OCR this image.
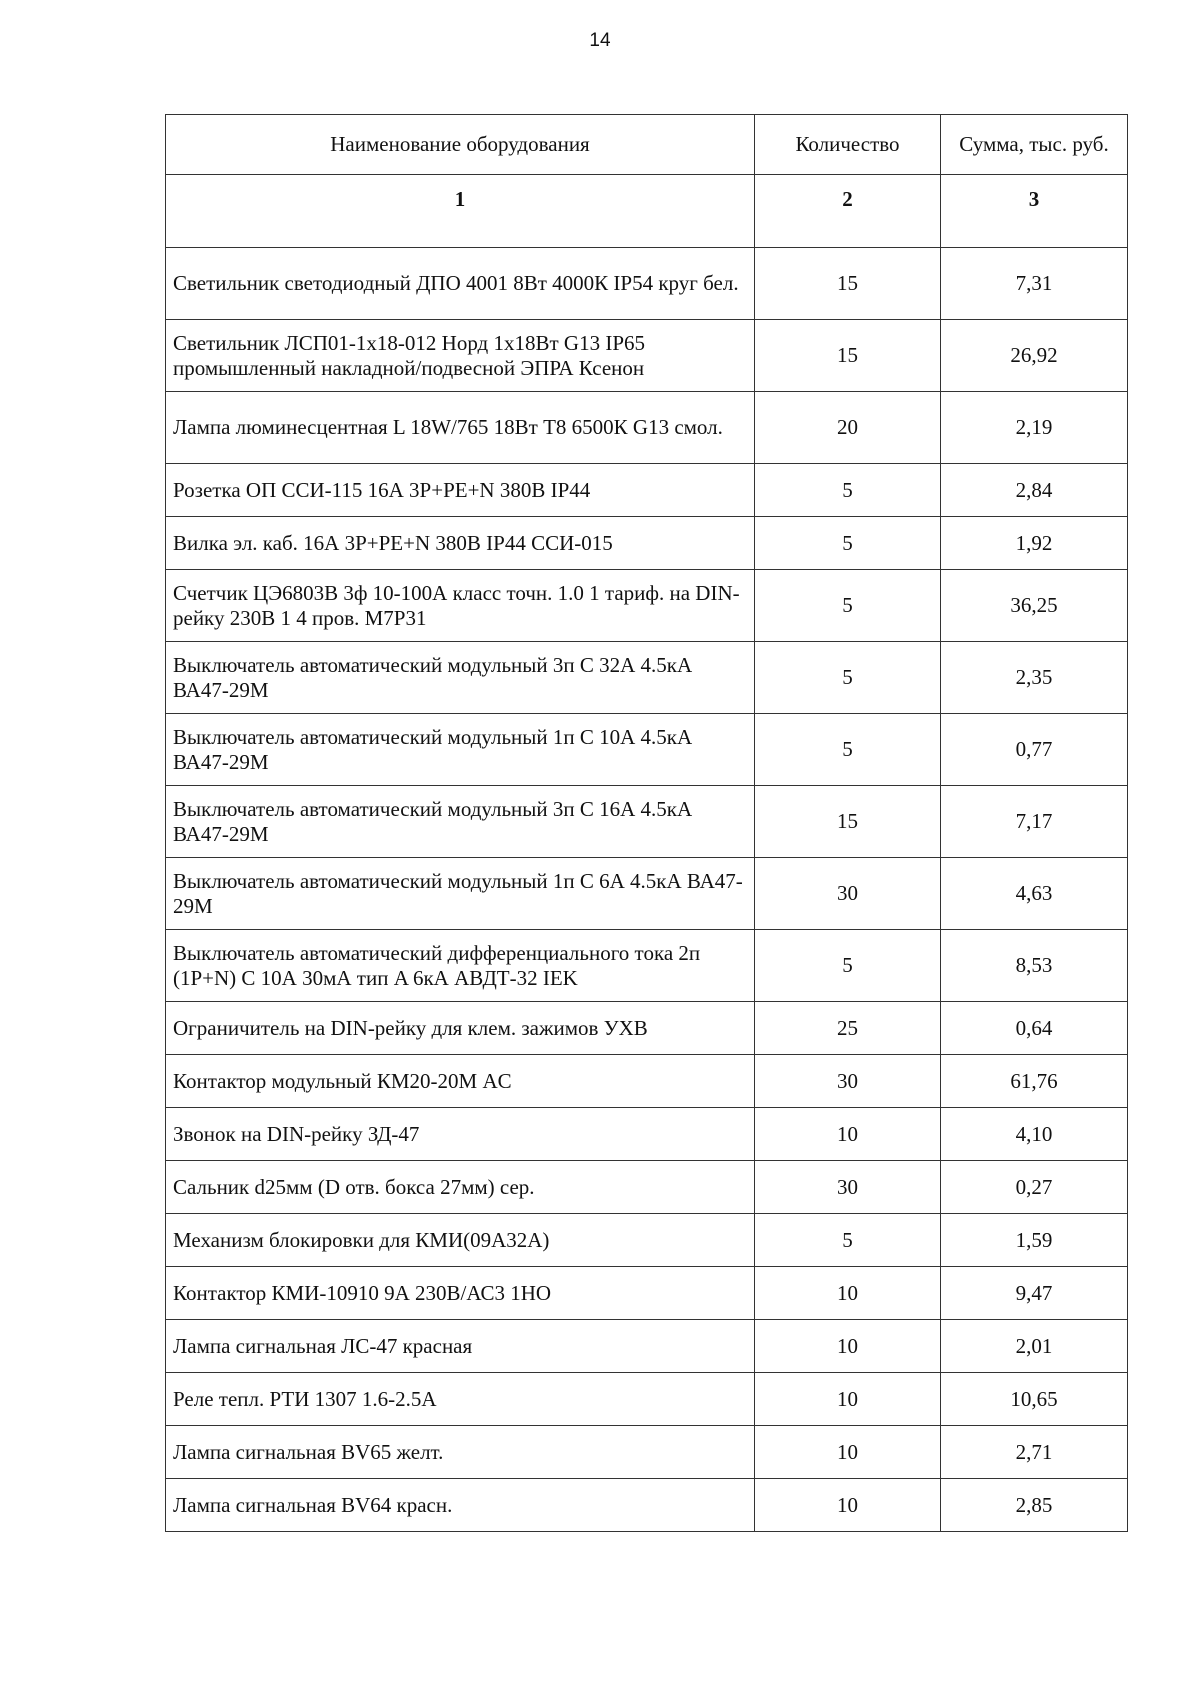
14
Наименование оборудования	Количество	Сумма, тыс. руб.
1	2	3
Светильник светодиодный ДПО 4001 8Вт 4000К IP54 круг бел.	15	7,31
Светильник ЛСП01-1х18-012 Норд 1х18Вт G13 IP65 промышленный накладной/подвесной ЭПРА Ксенон	15	26,92
Лампа люминесцентная L 18W/765 18Вт T8 6500К G13 смол.	20	2,19
Розетка ОП ССИ-115 16А 3Р+РЕ+N 380В IP44	5	2,84
Вилка эл. каб. 16А 3Р+РЕ+N 380В IP44 ССИ-015	5	1,92
Счетчик ЦЭ6803В 3ф 10-100А класс точн. 1.0 1 тариф. на DIN-рейку 230В 1 4 пров. М7Р31	5	36,25
Выключатель автоматический модульный 3п С 32А 4.5кА ВА47-29М	5	2,35
Выключатель автоматический модульный 1п С 10А 4.5кА ВА47-29М	5	0,77
Выключатель автоматический модульный 3п С 16А 4.5кА ВА47-29М	15	7,17
Выключатель автоматический модульный 1п С 6А 4.5кА ВА47-29М	30	4,63
Выключатель автоматический дифференциального тока 2п (1P+N) С 10А 30мА тип A 6кА АВДТ-32 IEK	5	8,53
Ограничитель на DIN-рейку для клем. зажимов УХВ	25	0,64
Контактор модульный КМ20-20М AC	30	61,76
Звонок на DIN-рейку ЗД-47	10	4,10
Сальник d25мм (D отв. бокса 27мм) сер.	30	0,27
Механизм блокировки для КМИ(09А32А)	5	1,59
Контактор КМИ-10910 9А 230В/АС3 1НО	10	9,47
Лампа сигнальная ЛС-47 красная	10	2,01
Реле тепл. РТИ 1307 1.6-2.5А	10	10,65
Лампа сигнальная BV65 желт.	10	2,71
Лампа сигнальная BV64 красн.	10	2,85
